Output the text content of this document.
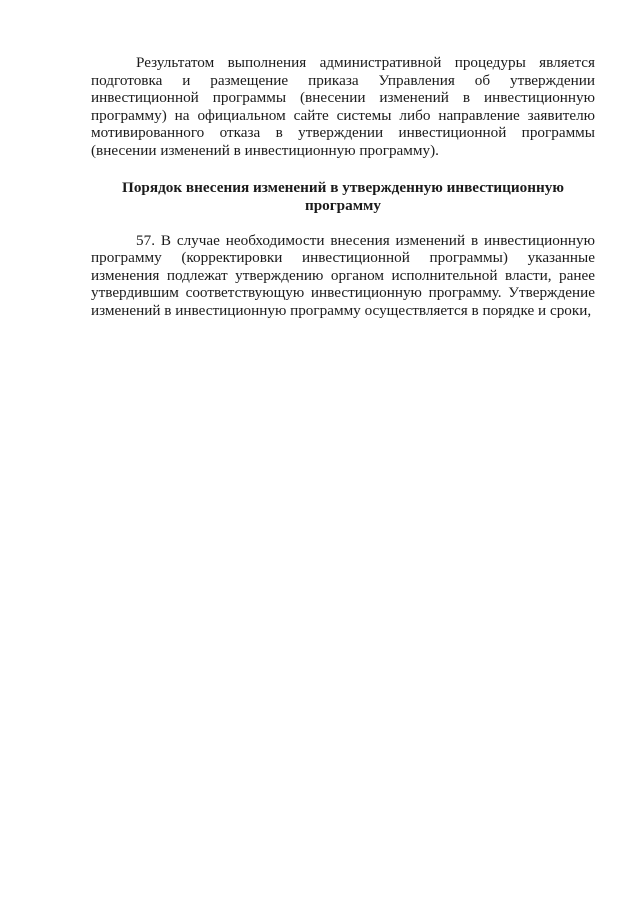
Результатом выполнения административной процедуры является подготовка и размещение приказа Управления об утверждении инвестиционной программы (внесении изменений в инвестиционную программу) на официальном сайте системы либо направление заявителю мотивированного отказа в утверждении инвестиционной программы (внесении изменений в инвестиционную программу).

Порядок внесения изменений в утвержденную инвестиционную программу

57. В случае необходимости внесения изменений в инвестиционную программу (корректировки инвестиционной программы) указанные изменения подлежат утверждению органом исполнительной власти, ранее утвердившим соответствующую инвестиционную программу. Утверждение изменений в инвестиционную программу осуществляется в порядке и сроки,
